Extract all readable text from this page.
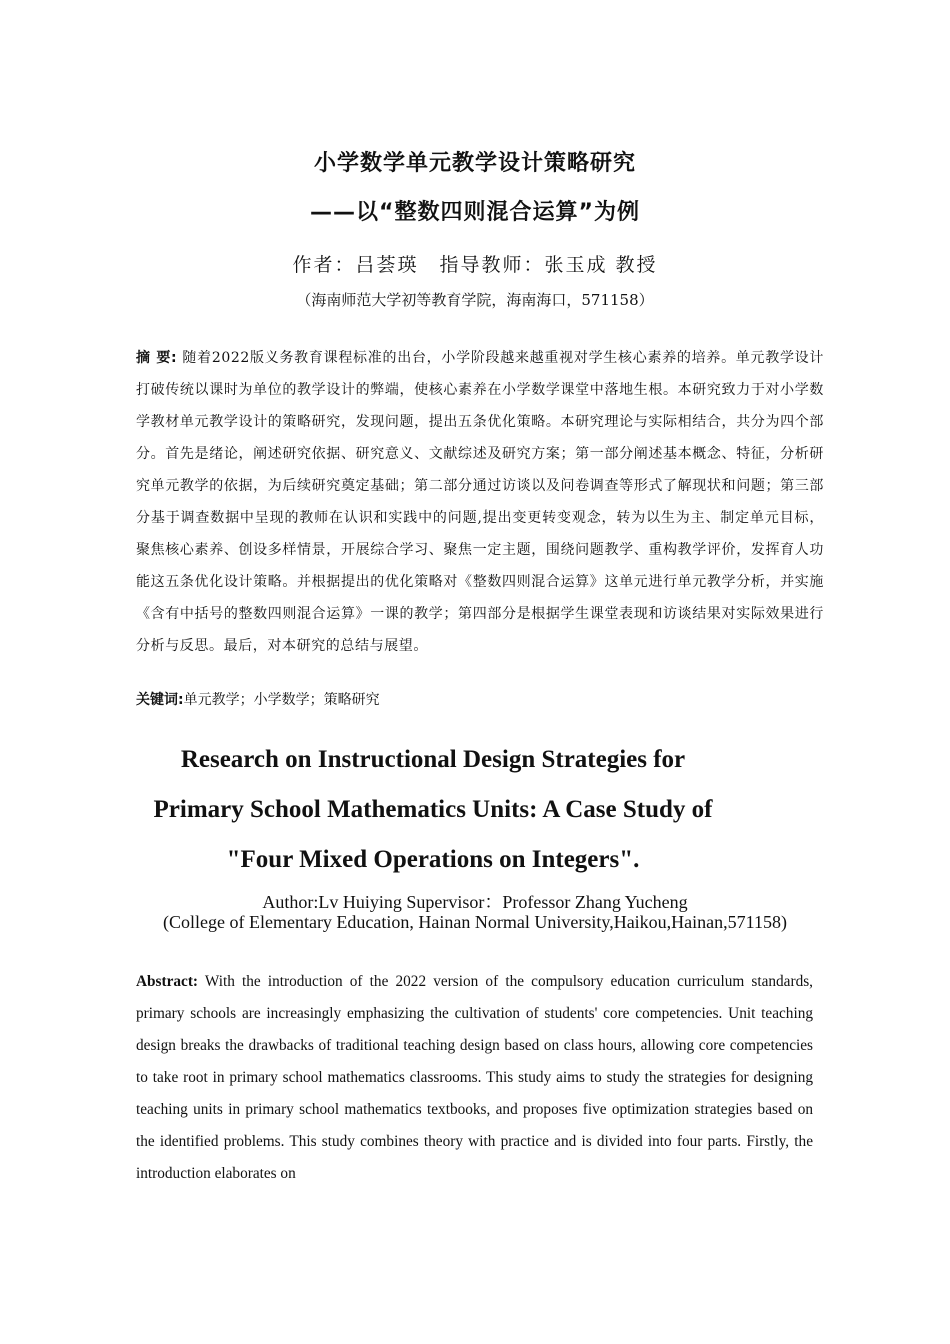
小学数学单元教学设计策略研究
——以“整数四则混合运算”为例
作者：吕荟瑛　指导教师：张玉成 教授
（海南师范大学初等教育学院，海南海口，571158）
摘 要: 随着2022版义务教育课程标准的出台，小学阶段越来越重视对学生核心素养的培养。单元教学设计打破传统以课时为单位的教学设计的弊端，使核心素养在小学数学课堂中落地生根。本研究致力于对小学数学教材单元教学设计的策略研究，发现问题，提出五条优化策略。本研究理论与实际相结合，共分为四个部分。首先是绪论，阐述研究依据、研究意义、文献综述及研究方案；第一部分阐述基本概念、特征，分析研究单元教学的依据，为后续研究奠定基础；第二部分通过访谈以及问卷调查等形式了解现状和问题；第三部分基于调查数据中呈现的教师在认识和实践中的问题,提出变更转变观念，转为以生为主、制定单元目标，聚焦核心素养、创设多样情景，开展综合学习、聚焦一定主题，围绕问题教学、重构教学评价，发挥育人功能这五条优化设计策略。并根据提出的优化策略对《整数四则混合运算》这单元进行单元教学分析，并实施《含有中括号的整数四则混合运算》一课的教学；第四部分是根据学生课堂表现和访谈结果对实际效果进行分析与反思。最后，对本研究的总结与展望。
关键词:单元教学；小学数学；策略研究
Research on Instructional Design Strategies for
Primary School Mathematics Units: A Case Study of
"Four Mixed Operations on Integers".
Author:Lv Huiying Supervisor：Professor Zhang Yucheng
(College of Elementary Education, Hainan Normal University,Haikou,Hainan,571158)
Abstract: With the introduction of the 2022 version of the compulsory education curriculum standards, primary schools are increasingly emphasizing the cultivation of students' core competencies. Unit teaching design breaks the drawbacks of traditional teaching design based on class hours, allowing core competencies to take root in primary school mathematics classrooms. This study aims to study the strategies for designing teaching units in primary school mathematics textbooks, and proposes five optimization strategies based on the identified problems. This study combines theory with practice and is divided into four parts. Firstly, the introduction elaborates on
